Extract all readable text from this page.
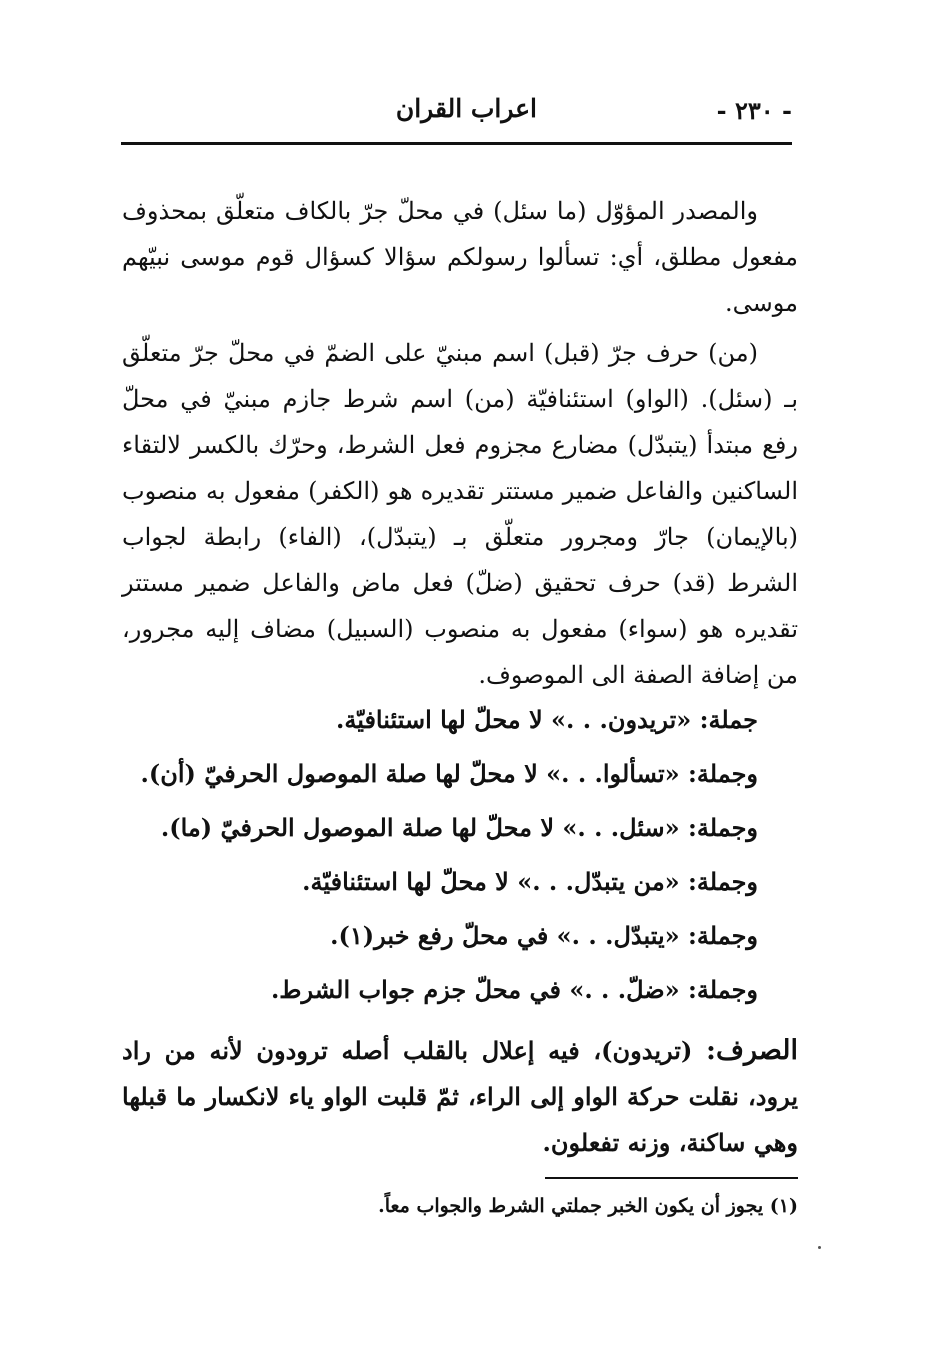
- ٢٣٠ -
اعراب القران

والمصدر المؤوّل (ما سئل) في محلّ جرّ بالكاف متعلّق بمحذوف مفعول مطلق، أي: تسألوا رسولكم سؤالا كسؤال قوم موسى نبيّهم موسى.

(من) حرف جرّ (قبل) اسم مبنيّ على الضمّ في محلّ جرّ متعلّق بـ (سئل). (الواو) استئنافيّة (من) اسم شرط جازم مبنيّ في محلّ رفع مبتدأ (يتبدّل) مضارع مجزوم فعل الشرط، وحرّك بالكسر لالتقاء الساكنين والفاعل ضمير مستتر تقديره هو (الكفر) مفعول به منصوب (بالإيمان) جارّ ومجرور متعلّق بـ (يتبدّل)، (الفاء) رابطة لجواب الشرط (قد) حرف تحقيق (ضلّ) فعل ماض والفاعل ضمير مستتر تقديره هو (سواء) مفعول به منصوب (السبيل) مضاف إليه مجرور، من إضافة الصفة الى الموصوف.

جملة: «تريدون. . .» لا محلّ لها استئنافيّة.
وجملة: «تسألوا. . .» لا محلّ لها صلة الموصول الحرفيّ (أن).
وجملة: «سئل. . .» لا محلّ لها صلة الموصول الحرفيّ (ما).
وجملة: «من يتبدّل. . .» لا محلّ لها استئنافيّة.
وجملة: «يتبدّل. . .» في محلّ رفع خبر(١).
وجملة: «ضلّ. . .» في محلّ جزم جواب الشرط.
الصرف: (تريدون)، فيه إعلال بالقلب أصله ترودون لأنه من راد يرود، نقلت حركة الواو إلى الراء، ثمّ قلبت الواو ياء لانكسار ما قبلها وهي ساكنة، وزنه تفعلون.
(١) يجوز أن يكون الخبر جملتي الشرط والجواب معاً.
